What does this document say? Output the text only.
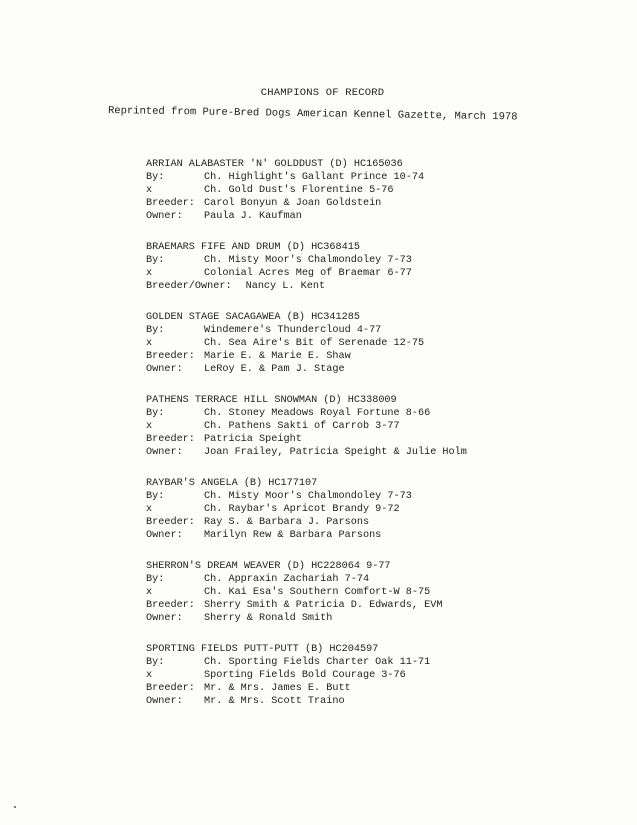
CHAMPIONS OF RECORD
Reprinted from Pure-Bred Dogs American Kennel Gazette, March 1978
ARRIAN ALABASTER 'N' GOLDDUST (D) HC165036
By:	Ch. Highlight's Gallant Prince 10-74
x	Ch. Gold Dust's Florentine 5-76
Breeder: Carol Bonyun & Joan Goldstein
Owner:	Paula J. Kaufman
BRAEMARS FIFE AND DRUM (D) HC368415
By:	Ch. Misty Moor's Chalmondoley 7-73
x	Colonial Acres Meg of Braemar 6-77
Breeder/Owner: Nancy L. Kent
GOLDEN STAGE SACAGAWEA (B) HC341285
By:	Windemere's Thundercloud 4-77
x	Ch. Sea Aire's Bit of Serenade 12-75
Breeder: Marie E. & Marie E. Shaw
Owner:	LeRoy E. & Pam J. Stage
PATHENS TERRACE HILL SNOWMAN (D) HC338009
By:	Ch. Stoney Meadows Royal Fortune 8-66
x	Ch. Pathens Sakti of Carrob 3-77
Breeder: Patricia Speight
Owner:	Joan Frailey, Patricia Speight & Julie Holm
RAYBAR'S ANGELA (B) HC177107
By:	Ch. Misty Moor's Chalmondoley 7-73
x	Ch. Raybar's Apricot Brandy 9-72
Breeder: Ray S. & Barbara J. Parsons
Owner:	Marilyn Rew & Barbara Parsons
SHERRON'S DREAM WEAVER (D) HC228064 9-77
By:	Ch. Appraxin Zachariah 7-74
x	Ch. Kai Esa's Southern Comfort-W 8-75
Breeder: Sherry Smith & Patricia D. Edwards, EVM
Owner:	Sherry & Ronald Smith
SPORTING FIELDS PUTT-PUTT (B) HC204597
By:	Ch. Sporting Fields Charter Oak 11-71
x	Sporting Fields Bold Courage 3-76
Breeder: Mr. & Mrs. James E. Butt
Owner:	Mr. & Mrs. Scott Traino
